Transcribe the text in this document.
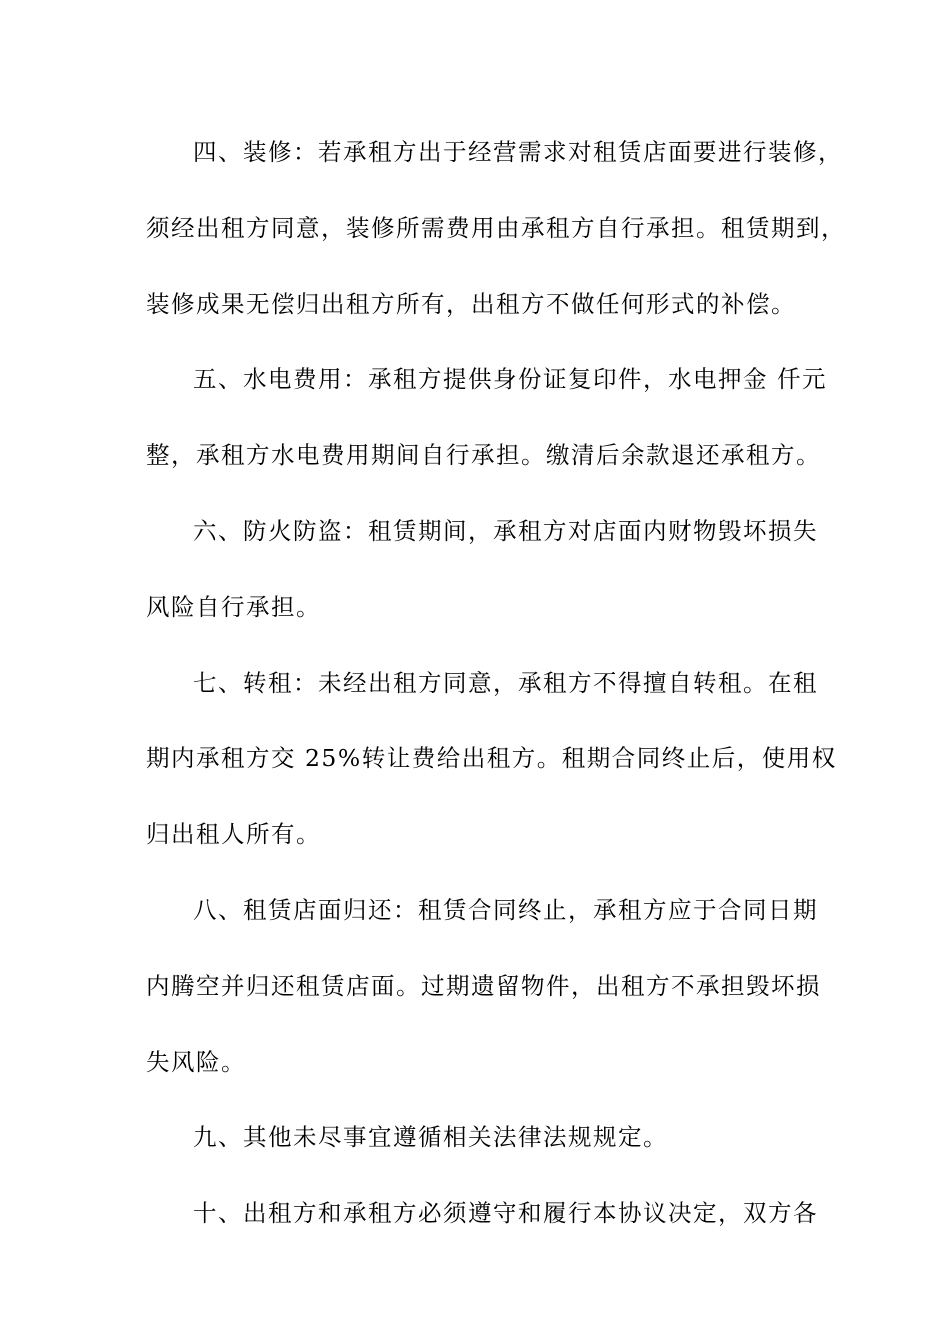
四、装修：若承租方出于经营需求对租赁店面要进行装修，
须经出租方同意，装修所需费用由承租方自行承担。租赁期到，
装修成果无偿归出租方所有，出租方不做任何形式的补偿。
五、水电费用：承租方提供身份证复印件，水电押金 仟元
整，承租方水电费用期间自行承担。缴清后余款退还承租方。
六、防火防盗：租赁期间，承租方对店面内财物毁坏损失
风险自行承担。
七、转租：未经出租方同意，承租方不得擅自转租。在租
期内承租方交 25%转让费给出租方。租期合同终止后，使用权
归出租人所有。
八、租赁店面归还：租赁合同终止，承租方应于合同日期
内腾空并归还租赁店面。过期遗留物件，出租方不承担毁坏损
失风险。
九、其他未尽事宜遵循相关法律法规规定。
十、出租方和承租方必须遵守和履行本协议决定，双方各
